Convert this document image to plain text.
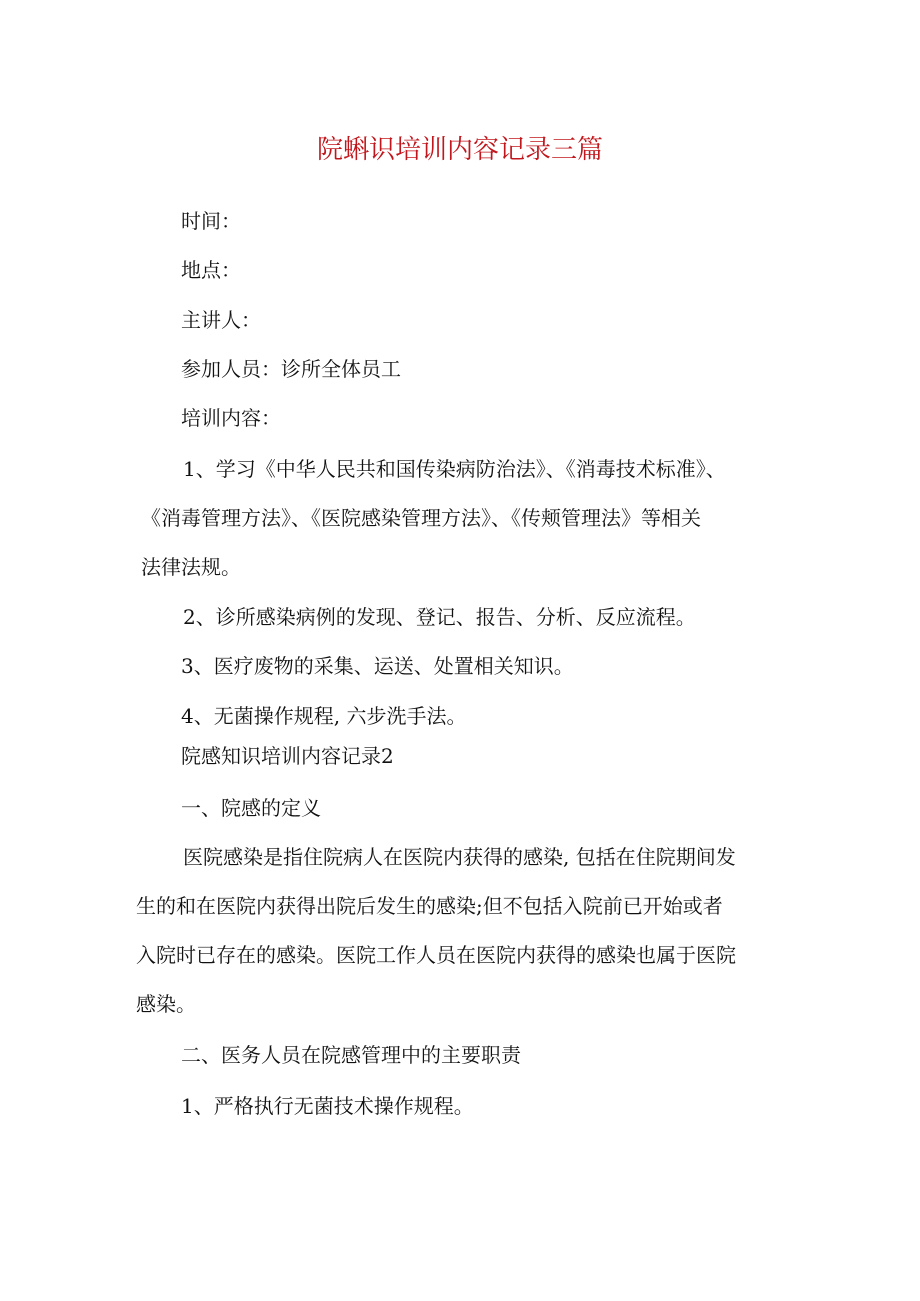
院蝌识培训内容记录三篇

时间：

地点：

主讲人：

参加人员：诊所全体员工

培训内容：

1、学习《中华人民共和国传染病防治法》、《消毒技术标准》、

《消毒管理方法》、《医院感染管理方法》、《传颊管理法》等相关

法律法规。

2、诊所感染病例的发现、登记、报告、分析、反应流程。

3、医疗废物的采集、运送、处置相关知识。

4、无菌操作规程, 六步洗手法。

院感知识培训内容记录2

一、院感的定义

医院感染是指住院病人在医院内获得的感染, 包括在住院期间发

生的和在医院内获得出院后发生的感染;但不包括入院前已开始或者

入院时已存在的感染。医院工作人员在医院内获得的感染也属于医院

感染。

二、医务人员在院感管理中的主要职责

1、严格执行无菌技术操作规程。
